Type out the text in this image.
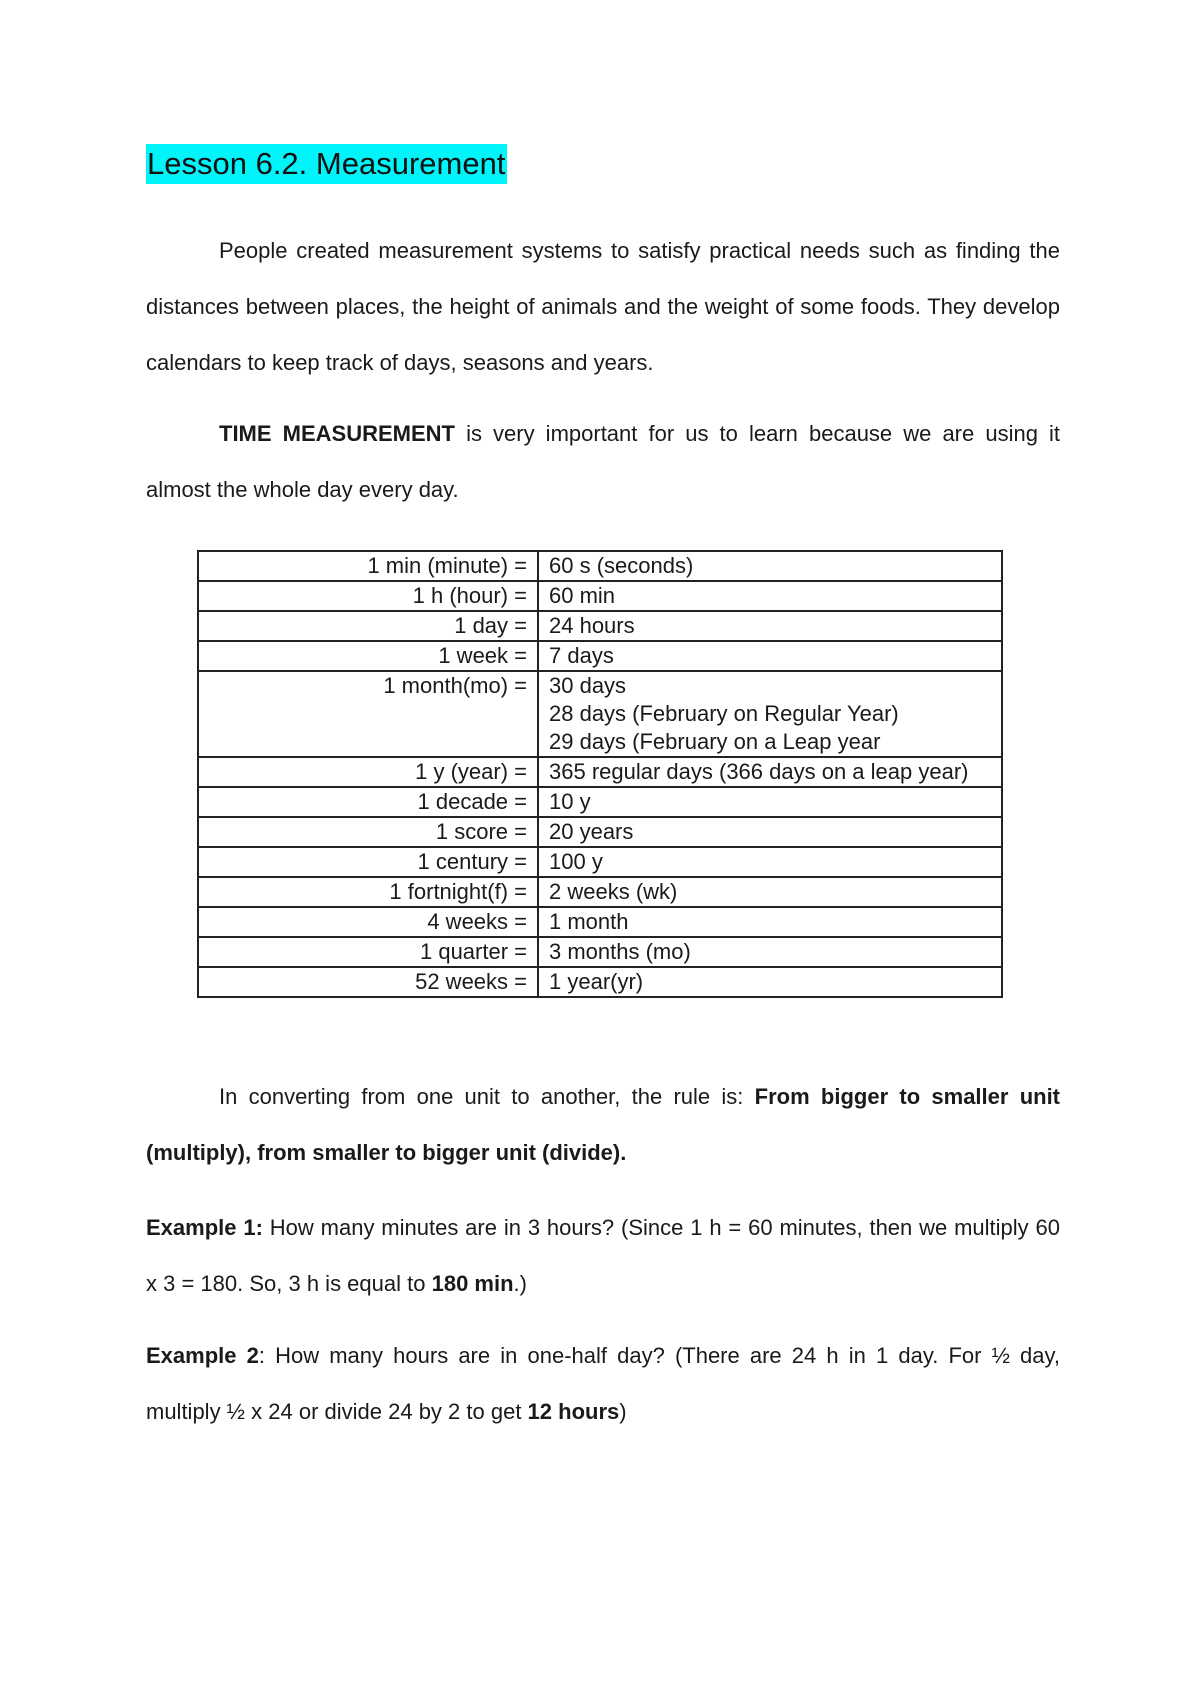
Lesson 6.2. Measurement

People created measurement systems to satisfy practical needs such as finding the distances between places, the height of animals and the weight of some foods. They develop calendars to keep track of days, seasons and years.

TIME MEASUREMENT is very important for us to learn because we are using it almost the whole day every day.

1 min (minute) =	60 s (seconds)

1 h (hour) =	60 min

1 day =	24 hours

1 week =	7 days

1 month(mo) =	30 days
28 days (February on Regular Year)
29 days (February on a Leap year

1 y (year) =	365 regular days (366 days on a leap year)

1 decade =	10 y

1 score =	20 years

1 century =	100 y

1 fortnight(f) =	2 weeks (wk)

4 weeks =	1 month

1 quarter =	3 months (mo)

52 weeks =	1 year(yr)

In converting from one unit to another, the rule is: From bigger to smaller unit (multiply), from smaller to bigger unit (divide).

Example 1: How many minutes are in 3 hours? (Since 1 h = 60 minutes, then we multiply 60 x 3 = 180. So, 3 h is equal to 180 min.)

Example 2: How many hours are in one-half day? (There are 24 h in 1 day. For ½ day, multiply ½ x 24 or divide 24 by 2 to get 12 hours)
